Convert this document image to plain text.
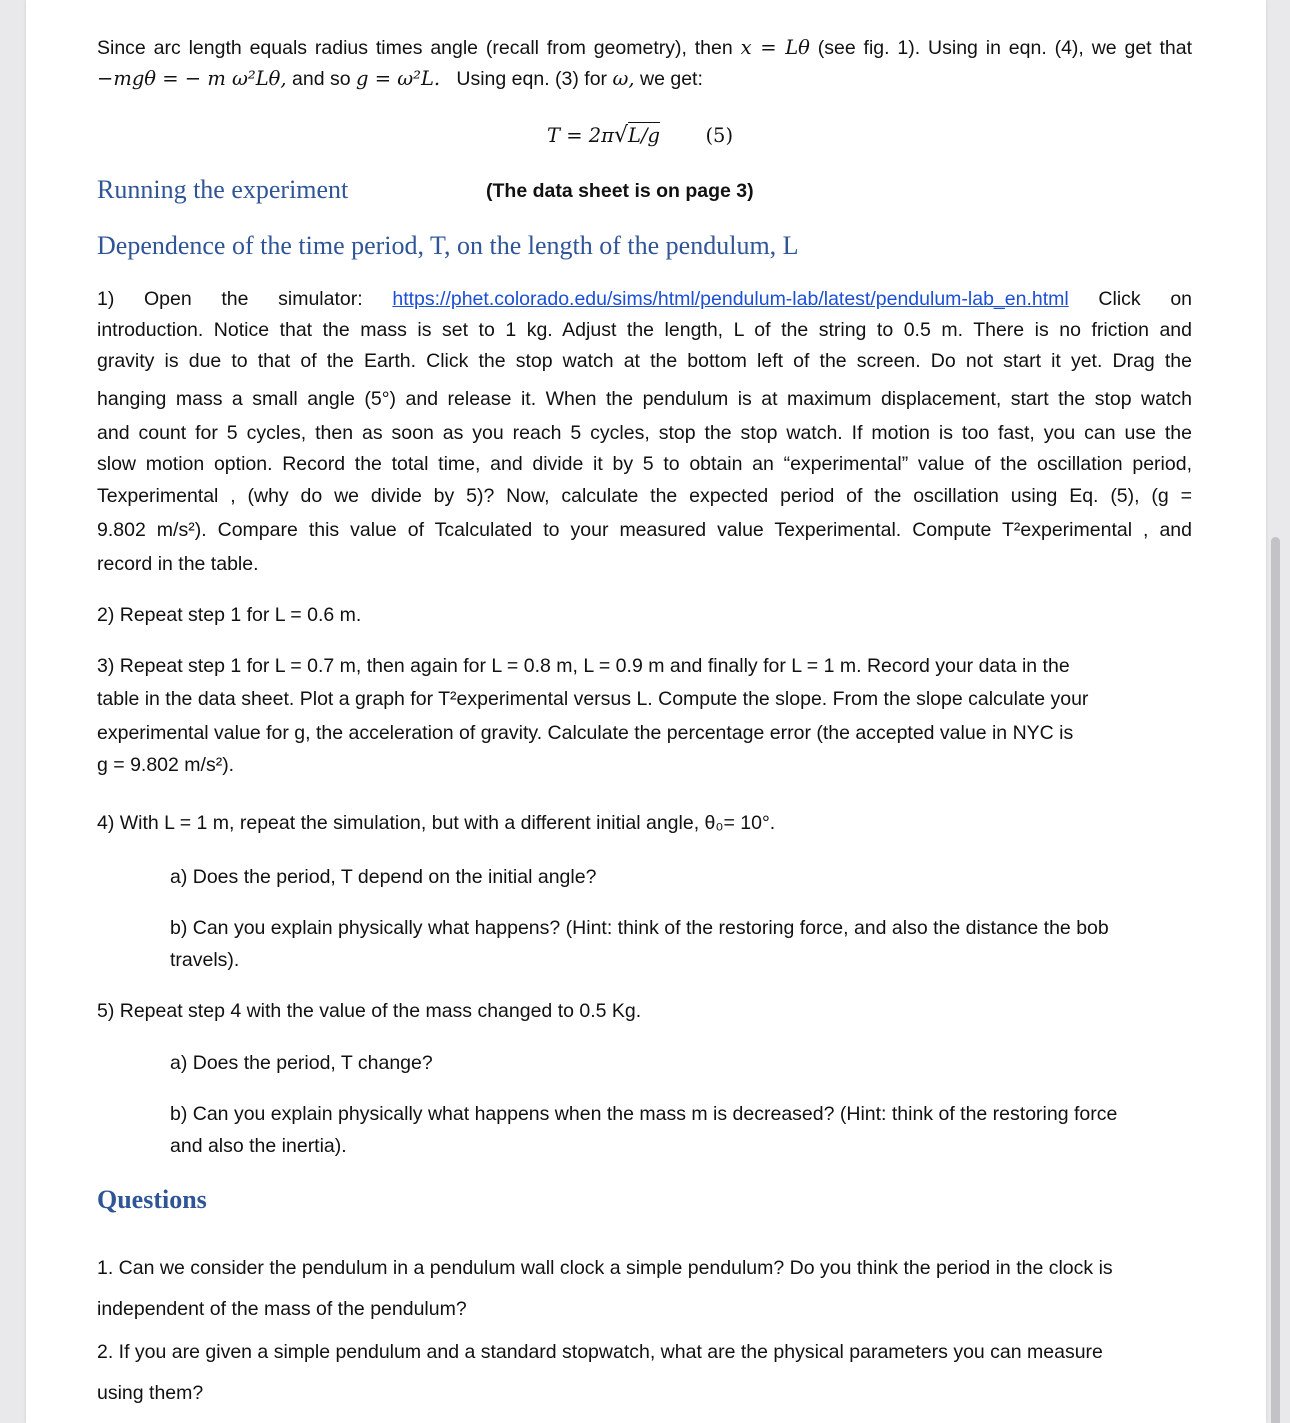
Since arc length equals radius times angle (recall from geometry), then x = Lθ (see fig. 1). Using in eqn. (4), we get that

−mgθ = − m ω²Lθ, and so g = ω²L. Using eqn. (3) for ω, we get:

T = 2π√L/g (5)
Running the experiment	(The data sheet is on page 3)
Dependence of the time period, T, on the length of the pendulum, L

1) Open the simulator: https://phet.colorado.edu/sims/html/pendulum-lab/latest/pendulum-lab_en.html Click on

introduction. Notice that the mass is set to 1 kg. Adjust the length, L of the string to 0.5 m. There is no friction and

gravity is due to that of the Earth. Click the stop watch at the bottom left of the screen. Do not start it yet. Drag the

hanging mass a small angle (5°) and release it. When the pendulum is at maximum displacement, start the stop watch

and count for 5 cycles, then as soon as you reach 5 cycles, stop the stop watch. If motion is too fast, you can use the

slow motion option. Record the total time, and divide it by 5 to obtain an “experimental” value of the oscillation period,

Texperimental , (why do we divide by 5)? Now, calculate the expected period of the oscillation using Eq. (5), (g =

9.802 m/s²). Compare this value of Tcalculated to your measured value Texperimental. Compute T²experimental , and

record in the table.

2) Repeat step 1 for L = 0.6 m.

3) Repeat step 1 for L = 0.7 m, then again for L = 0.8 m, L = 0.9 m and finally for L = 1 m. Record your data in the

table in the data sheet. Plot a graph for T²experimental versus L. Compute the slope. From the slope calculate your

experimental value for g, the acceleration of gravity. Calculate the percentage error (the accepted value in NYC is

g = 9.802 m/s²).

4) With L = 1 m, repeat the simulation, but with a different initial angle, θ₀= 10°.

a) Does the period, T depend on the initial angle?

b) Can you explain physically what happens? (Hint: think of the restoring force, and also the distance the bob

travels).

5) Repeat step 4 with the value of the mass changed to 0.5 Kg.

a) Does the period, T change?

b) Can you explain physically what happens when the mass m is decreased? (Hint: think of the restoring force

and also the inertia).

Questions

1. Can we consider the pendulum in a pendulum wall clock a simple pendulum? Do you think the period in the clock is

independent of the mass of the pendulum?

2. If you are given a simple pendulum and a standard stopwatch, what are the physical parameters you can measure

using them?
